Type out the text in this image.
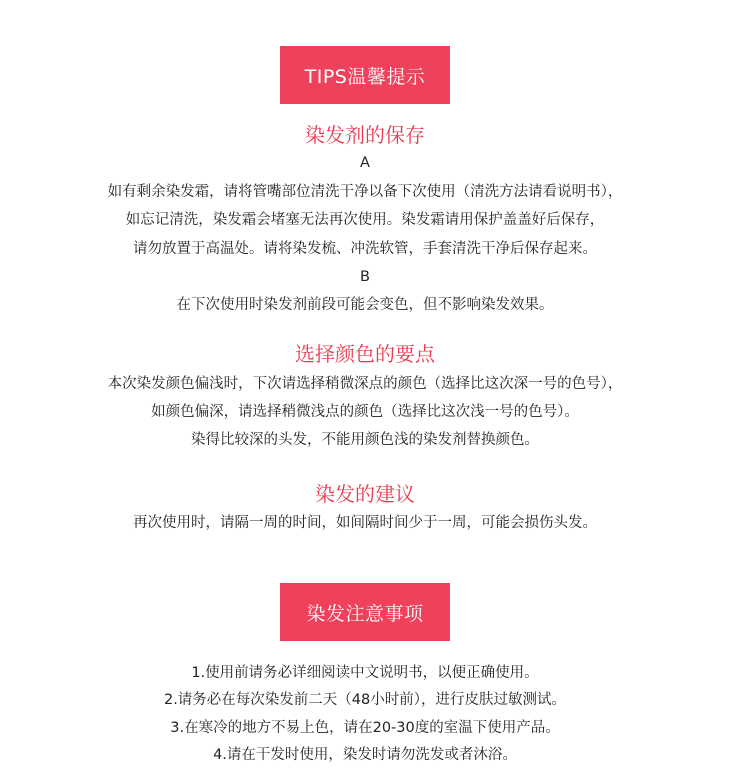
TIPS温馨提示
染发剂的保存
A
如有剩余染发霜，请将管嘴部位清洗干净以备下次使用（清洗方法请看说明书），
如忘记清洗，染发霜会堵塞无法再次使用。染发霜请用保护盖盖好后保存，
请勿放置于高温处。请将染发梳、冲洗软管，手套清洗干净后保存起来。
B
在下次使用时染发剂前段可能会变色，但不影响染发效果。
选择颜色的要点
本次染发颜色偏浅时，下次请选择稍微深点的颜色（选择比这次深一号的色号），
如颜色偏深，请选择稍微浅点的颜色（选择比这次浅一号的色号）。
染得比较深的头发，不能用颜色浅的染发剂替换颜色。
染发的建议
再次使用时，请隔一周的时间，如间隔时间少于一周，可能会损伤头发。
染发注意事项
1.使用前请务必详细阅读中文说明书，以便正确使用。
2.请务必在每次染发前二天（48小时前），进行皮肤过敏测试。
3.在寒冷的地方不易上色，请在20-30度的室温下使用产品。
4.请在干发时使用，染发时请勿洗发或者沐浴。
